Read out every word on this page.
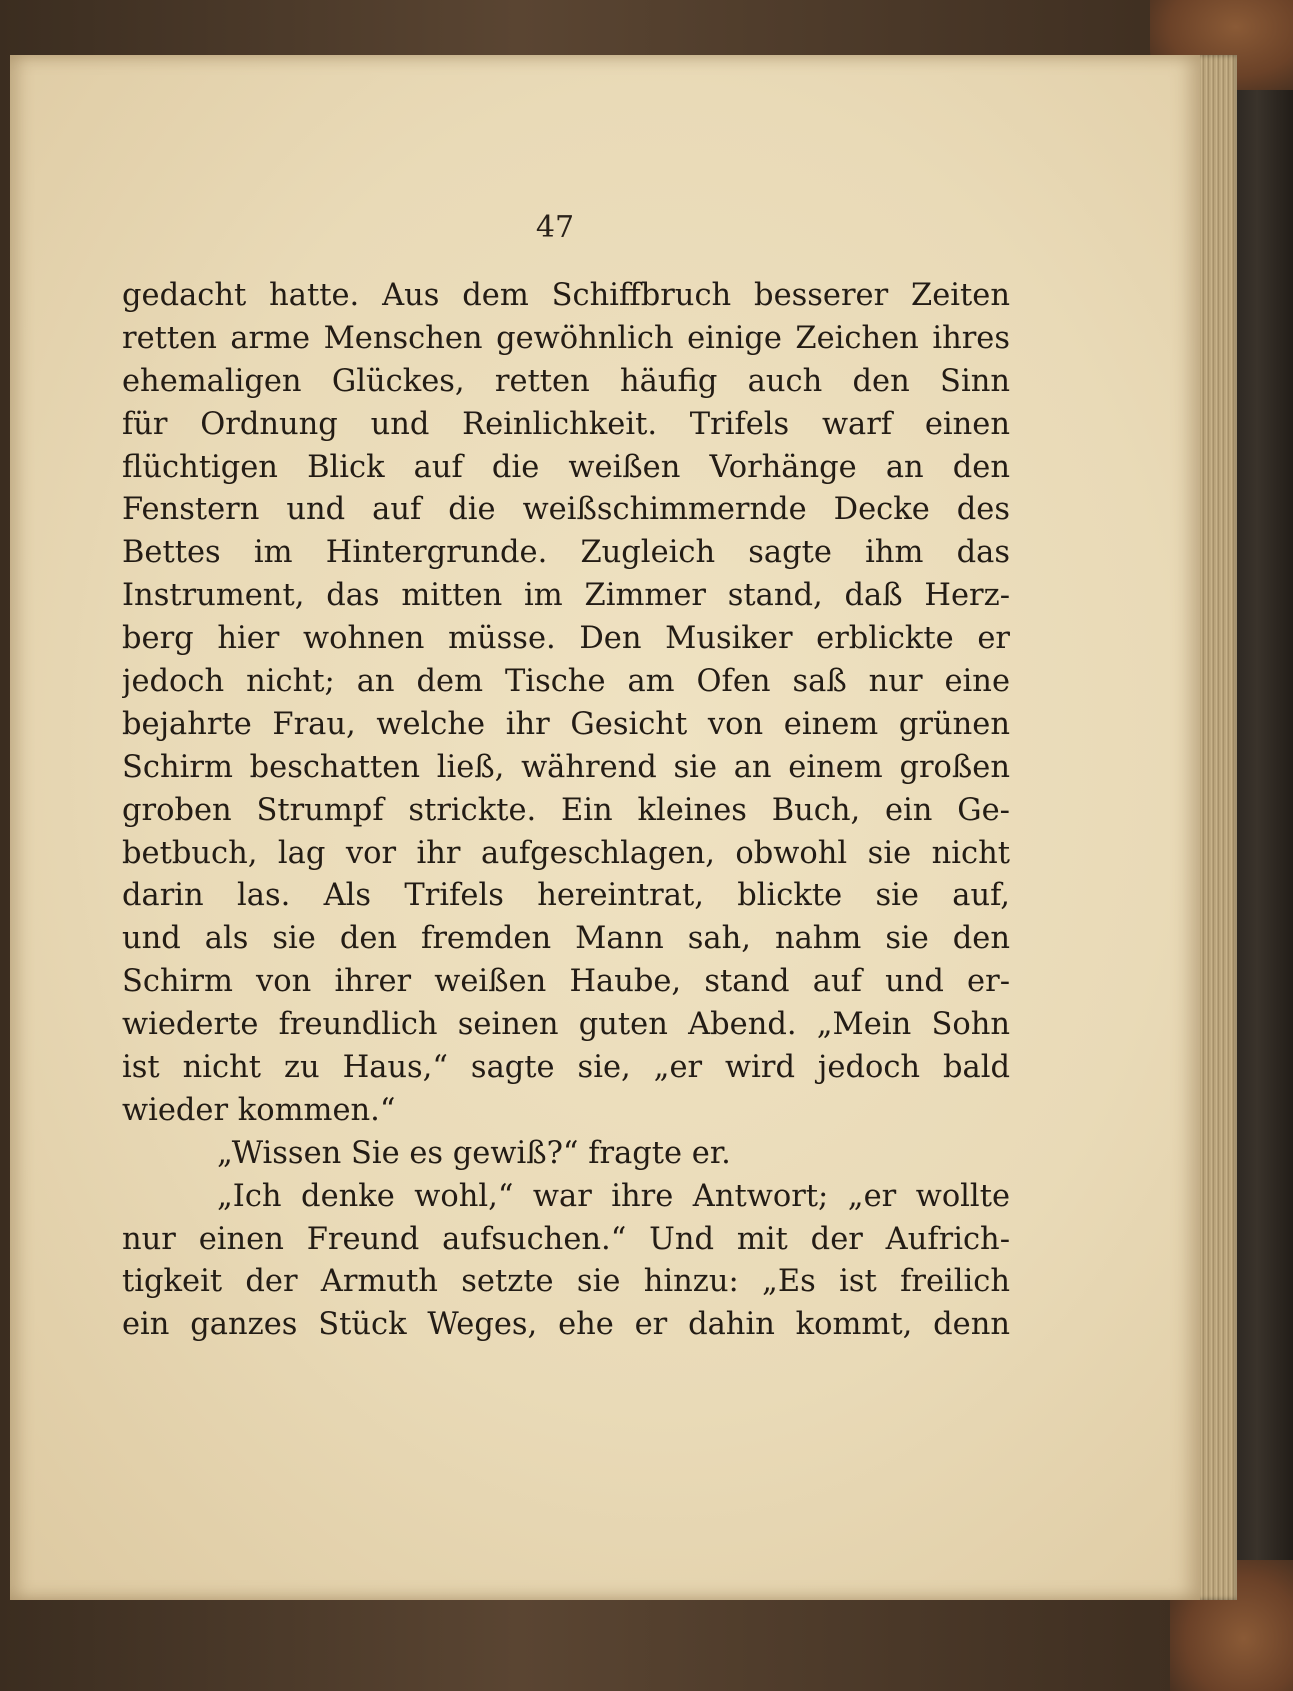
47
gedacht hatte. Aus dem Schiffbruch besserer Zeiten
retten arme Menschen gewöhnlich einige Zeichen ihres
ehemaligen Glückes, retten häufig auch den Sinn
für Ordnung und Reinlichkeit. Trifels warf einen
flüchtigen Blick auf die weißen Vorhänge an den
Fenstern und auf die weißschimmernde Decke des
Bettes im Hintergrunde. Zugleich sagte ihm das
Instrument, das mitten im Zimmer stand, daß Herz-
berg hier wohnen müsse. Den Musiker erblickte er
jedoch nicht; an dem Tische am Ofen saß nur eine
bejahrte Frau, welche ihr Gesicht von einem grünen
Schirm beschatten ließ, während sie an einem großen
groben Strumpf strickte. Ein kleines Buch, ein Ge-
betbuch, lag vor ihr aufgeschlagen, obwohl sie nicht
darin las. Als Trifels hereintrat, blickte sie auf,
und als sie den fremden Mann sah, nahm sie den
Schirm von ihrer weißen Haube, stand auf und er-
wiederte freundlich seinen guten Abend. „Mein Sohn
ist nicht zu Haus,“ sagte sie, „er wird jedoch bald
wieder kommen.“
„Wissen Sie es gewiß?“ fragte er.
„Ich denke wohl,“ war ihre Antwort; „er wollte
nur einen Freund aufsuchen.“ Und mit der Aufrich-
tigkeit der Armuth setzte sie hinzu: „Es ist freilich
ein ganzes Stück Weges, ehe er dahin kommt, denn
